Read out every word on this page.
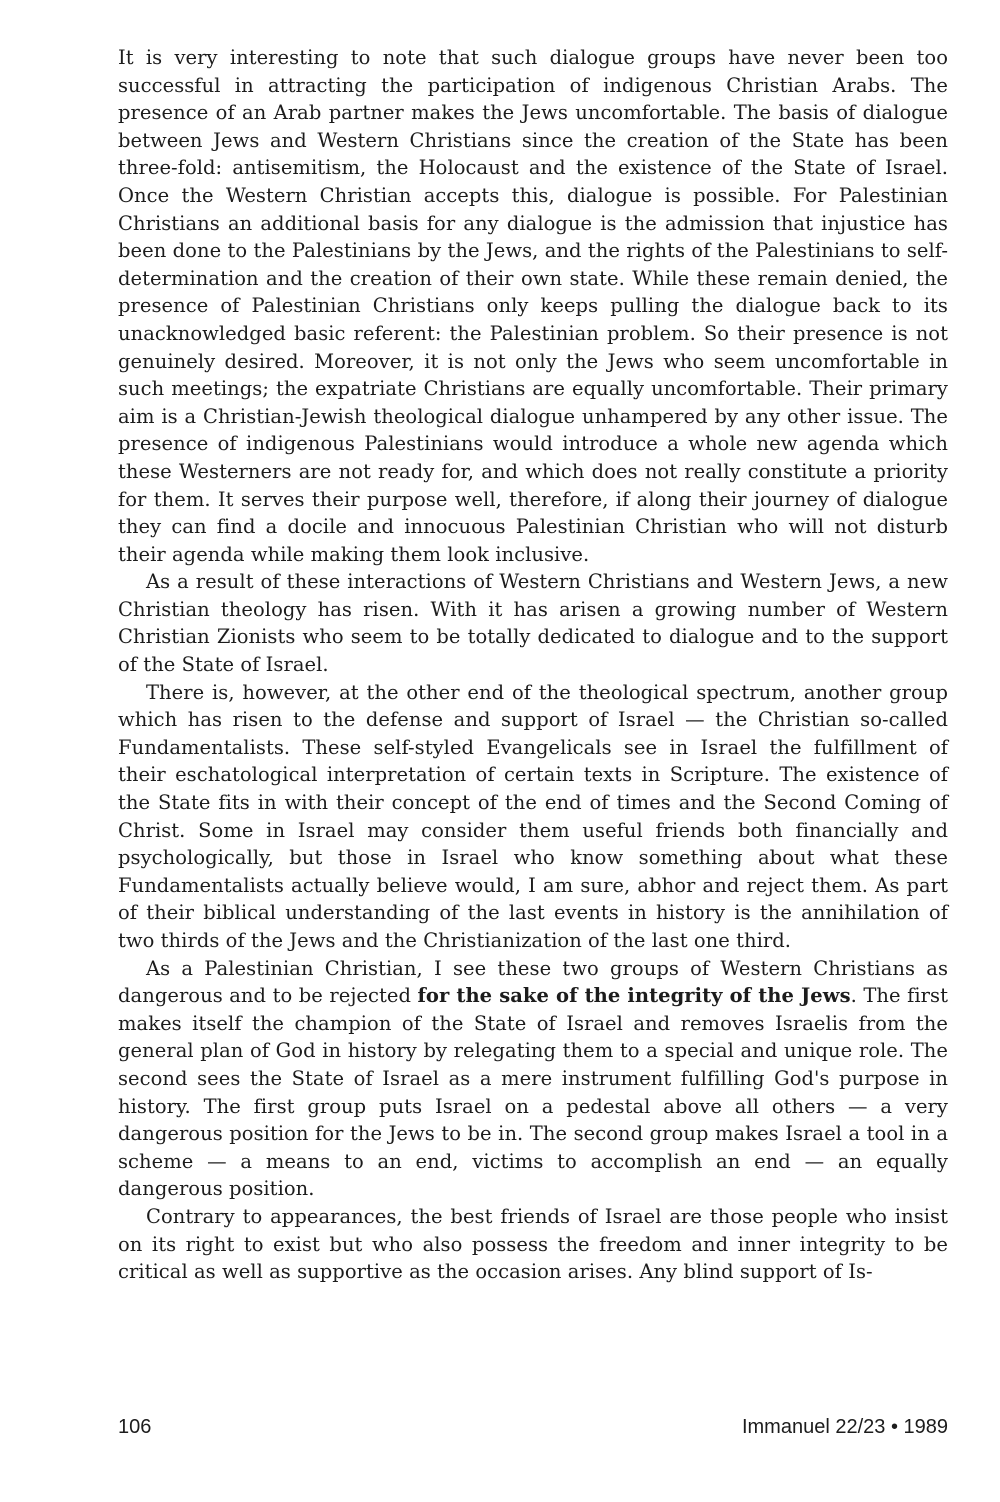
It is very interesting to note that such dialogue groups have never been too successful in attracting the participation of indigenous Christian Arabs. The presence of an Arab partner makes the Jews uncomfortable. The basis of dialogue between Jews and Western Christians since the creation of the State has been three-fold: antisemitism, the Holocaust and the existence of the State of Israel. Once the Western Christian accepts this, dialogue is possible. For Palestinian Christians an additional basis for any dialogue is the admission that injustice has been done to the Palestinians by the Jews, and the rights of the Palestinians to self-determination and the creation of their own state. While these remain denied, the presence of Palestinian Christians only keeps pulling the dialogue back to its unacknowledged basic referent: the Palestinian problem. So their presence is not genuinely desired. Moreover, it is not only the Jews who seem uncomfortable in such meetings; the expatriate Christians are equally uncomfortable. Their primary aim is a Christian-Jewish theological dialogue unhampered by any other issue. The presence of indigenous Palestinians would introduce a whole new agenda which these Westerners are not ready for, and which does not really constitute a priority for them. It serves their purpose well, therefore, if along their journey of dialogue they can find a docile and innocuous Palestinian Christian who will not disturb their agenda while making them look inclusive.

As a result of these interactions of Western Christians and Western Jews, a new Christian theology has risen. With it has arisen a growing number of Western Christian Zionists who seem to be totally dedicated to dialogue and to the support of the State of Israel.

There is, however, at the other end of the theological spectrum, another group which has risen to the defense and support of Israel — the Christian so-called Fundamentalists. These self-styled Evangelicals see in Israel the fulfillment of their eschatological interpretation of certain texts in Scripture. The existence of the State fits in with their concept of the end of times and the Second Coming of Christ. Some in Israel may consider them useful friends both financially and psychologically, but those in Israel who know something about what these Fundamentalists actually believe would, I am sure, abhor and reject them. As part of their biblical understanding of the last events in history is the annihilation of two thirds of the Jews and the Christianization of the last one third.

As a Palestinian Christian, I see these two groups of Western Christians as dangerous and to be rejected for the sake of the integrity of the Jews. The first makes itself the champion of the State of Israel and removes Israelis from the general plan of God in history by relegating them to a special and unique role. The second sees the State of Israel as a mere instrument fulfilling God's purpose in history. The first group puts Israel on a pedestal above all others — a very dangerous position for the Jews to be in. The second group makes Israel a tool in a scheme — a means to an end, victims to accomplish an end — an equally dangerous position.

Contrary to appearances, the best friends of Israel are those people who insist on its right to exist but who also possess the freedom and inner integrity to be critical as well as supportive as the occasion arises. Any blind support of Is-

106	Immanuel 22/23 • 1989
